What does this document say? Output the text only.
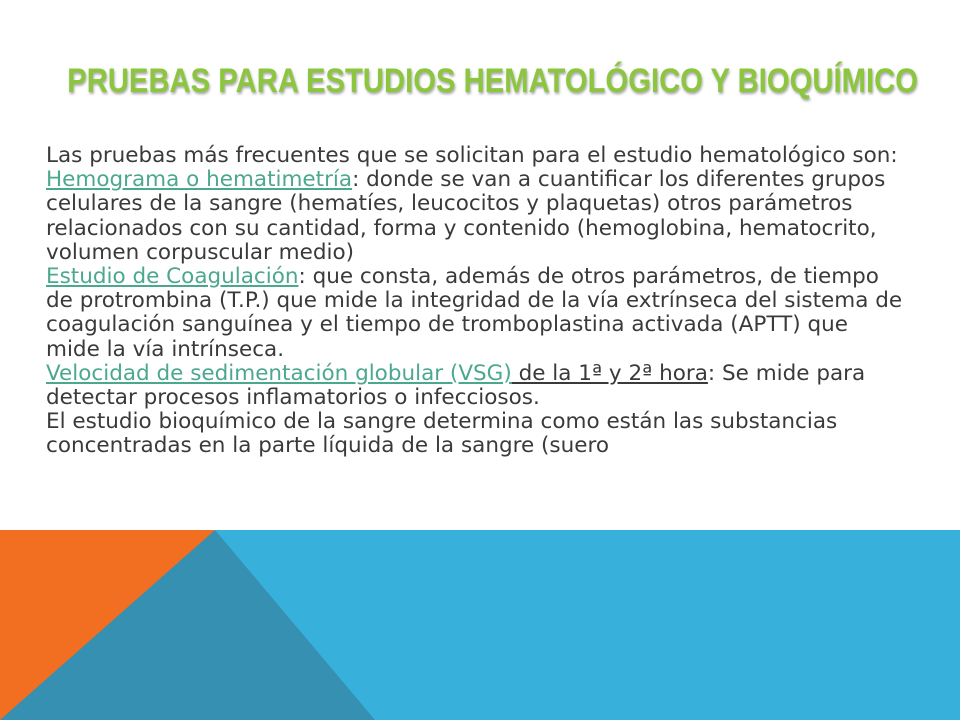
PRUEBAS PARA ESTUDIOS HEMATOLÓGICO Y BIOQUÍMICO

Las pruebas más frecuentes que se solicitan para el estudio hematológico son:

Hemograma o hematimetría: donde se van a cuantificar los diferentes grupos celulares de la sangre (hematíes, leucocitos y plaquetas) otros parámetros relacionados con su cantidad, forma y contenido (hemoglobina, hematocrito, volumen corpuscular medio)

Estudio de Coagulación: que consta, además de otros parámetros, de tiempo de protrombina (T.P.) que mide la integridad de la vía extrínseca del sistema de coagulación sanguínea y el tiempo de tromboplastina activada (APTT) que mide la vía intrínseca.

Velocidad de sedimentación globular (VSG) de la 1ª y 2ª hora: Se mide para detectar procesos inflamatorios o infecciosos.

El estudio bioquímico de la sangre determina como están las substancias concentradas en la parte líquida de la sangre (suero
